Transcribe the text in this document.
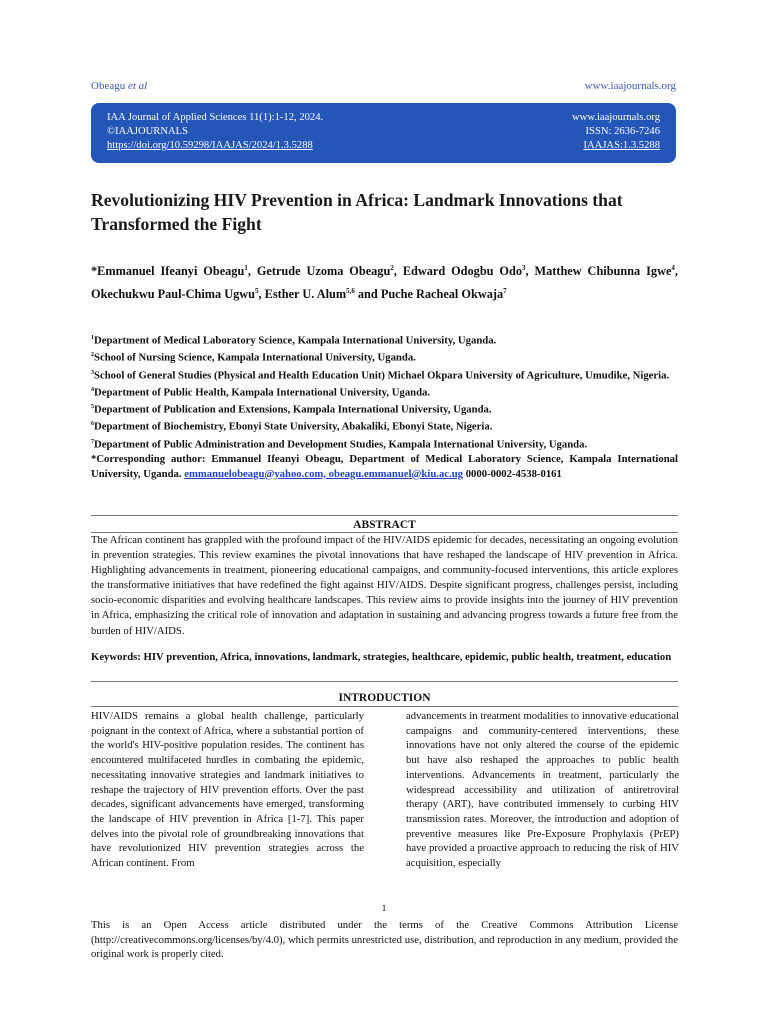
Obeagu et al	www.iaajournals.org
IAA Journal of Applied Sciences 11(1):1-12, 2024.	www.iaajournals.org
©IAAJOURNALS	ISSN: 2636-7246
https://doi.org/10.59298/IAAJAS/2024/1.3.5288	IAAJAS:1.3.5288
Revolutionizing HIV Prevention in Africa: Landmark Innovations that Transformed the Fight
*Emmanuel Ifeanyi Obeagu$^1$, Getrude Uzoma Obeagu$^2$, Edward Odogbu Odo$^3$, Matthew Chibunna Igwe$^4$, Okechukwu Paul-Chima Ugwu$^5$, Esther U. Alum$^{5,6}$ and Puche Racheal Okwaja$^7$
$^1$Department of Medical Laboratory Science, Kampala International University, Uganda.
$^2$School of Nursing Science, Kampala International University, Uganda.
$^3$School of General Studies (Physical and Health Education Unit) Michael Okpara University of Agriculture, Umudike, Nigeria.
$^4$Department of Public Health, Kampala International University, Uganda.
$^5$Department of Publication and Extensions, Kampala International University, Uganda.
$^6$Department of Biochemistry, Ebonyi State University, Abakaliki, Ebonyi State, Nigeria.
$^7$Department of Public Administration and Development Studies, Kampala International University, Uganda.
*Corresponding author: Emmanuel Ifeanyi Obeagu, Department of Medical Laboratory Science, Kampala International University, Uganda. emmanuelobeagu@yahoo.com, obeagu.emmanuel@kiu.ac.ug 0000-0002-4538-0161
ABSTRACT

The African continent has grappled with the profound impact of the HIV/AIDS epidemic for decades, necessitating an ongoing evolution in prevention strategies. This review examines the pivotal innovations that have reshaped the landscape of HIV prevention in Africa. Highlighting advancements in treatment, pioneering educational campaigns, and community-focused interventions, this article explores the transformative initiatives that have redefined the fight against HIV/AIDS. Despite significant progress, challenges persist, including socio-economic disparities and evolving healthcare landscapes. This review aims to provide insights into the journey of HIV prevention in Africa, emphasizing the critical role of innovation and adaptation in sustaining and advancing progress towards a future free from the burden of HIV/AIDS.

Keywords: HIV prevention, Africa, innovations, landmark, strategies, healthcare, epidemic, public health, treatment, education

INTRODUCTION

HIV/AIDS remains a global health challenge, particularly poignant in the context of Africa, where a substantial portion of the world's HIV-positive population resides. The continent has encountered multifaceted hurdles in combating the epidemic, necessitating innovative strategies and landmark initiatives to reshape the trajectory of HIV prevention efforts. Over the past decades, significant advancements have emerged, transforming the landscape of HIV prevention in Africa [1-7]. This paper delves into the pivotal role of groundbreaking innovations that have revolutionized HIV prevention strategies across the African continent. From

advancements in treatment modalities to innovative educational campaigns and community-centered interventions, these innovations have not only altered the course of the epidemic but have also reshaped the approaches to public health interventions. Advancements in treatment, particularly the widespread accessibility and utilization of antiretroviral therapy (ART), have contributed immensely to curbing HIV transmission rates. Moreover, the introduction and adoption of preventive measures like Pre-Exposure Prophylaxis (PrEP) have provided a proactive approach to reducing the risk of HIV acquisition, especially

1

This is an Open Access article distributed under the terms of the Creative Commons Attribution License (http://creativecommons.org/licenses/by/4.0), which permits unrestricted use, distribution, and reproduction in any medium, provided the original work is properly cited.
